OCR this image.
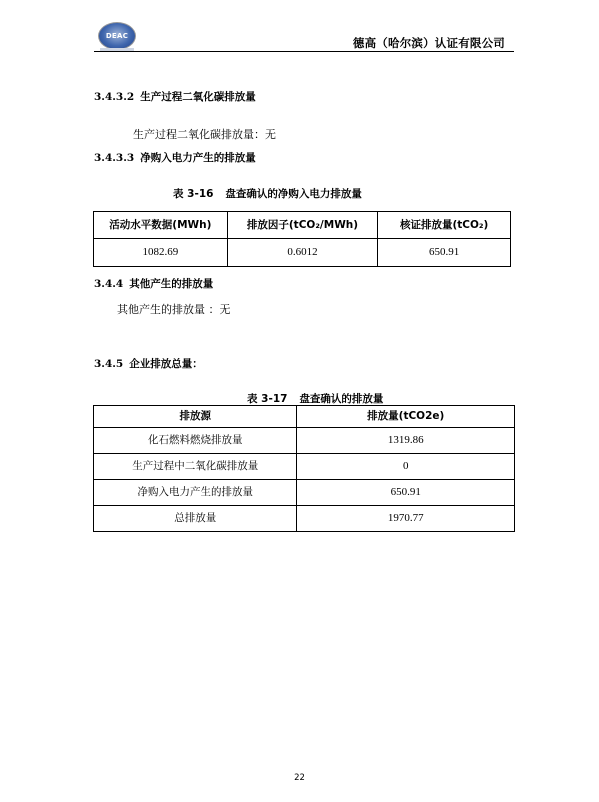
DEAC	德高（哈尔滨）认证有限公司
3.4.3.2 生产过程二氧化碳排放量
生产过程二氧化碳排放量：无
3.4.3.3 净购入电力产生的排放量
表 3-16 盘查确认的净购入电力排放量
活动水平数据(MWh)	排放因子(tCO₂/MWh)	核证排放量(tCO₂)
1082.69	0.6012	650.91
3.4.4 其他产生的排放量
其他产生的排放量 ：无
3.4.5 企业排放总量：
表 3-17 盘查确认的排放量
排放源	排放量(tCO2e)
化石燃料燃烧排放量	1319.86
生产过程中二氧化碳排放量	0
净购入电力产生的排放量	650.91
总排放量	1970.77
22
